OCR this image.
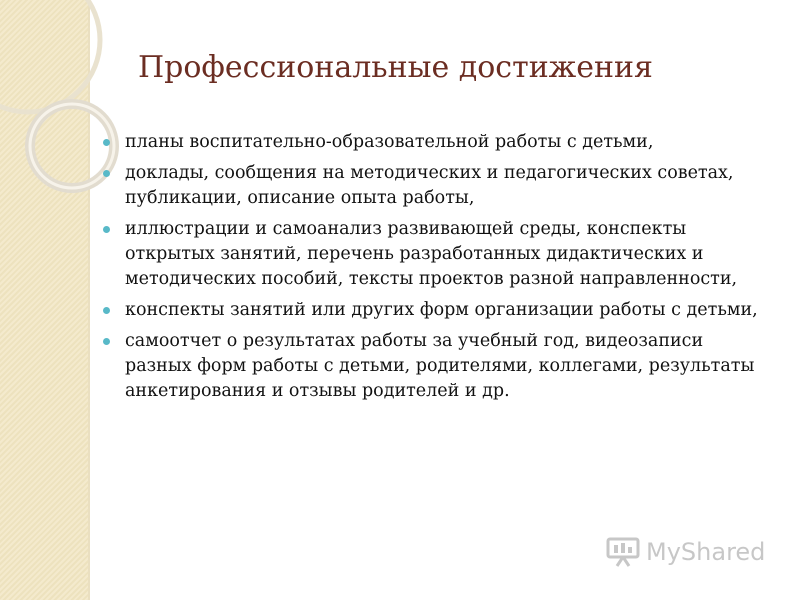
Профессиональные достижения
планы воспитательно-образовательной работы с детьми,
доклады, сообщения на методических и педагогических советах, публикации, описание опыта работы,
иллюстрации и самоанализ развивающей среды, конспекты открытых занятий, перечень разработанных дидактических и методических пособий, тексты проектов разной направленности,
конспекты занятий или других форм организации работы с детьми,
самоотчет о результатах работы за учебный год, видеозаписи разных форм работы с детьми, родителями, коллегами, результаты анкетирования и отзывы родителей и др.
MyShared
